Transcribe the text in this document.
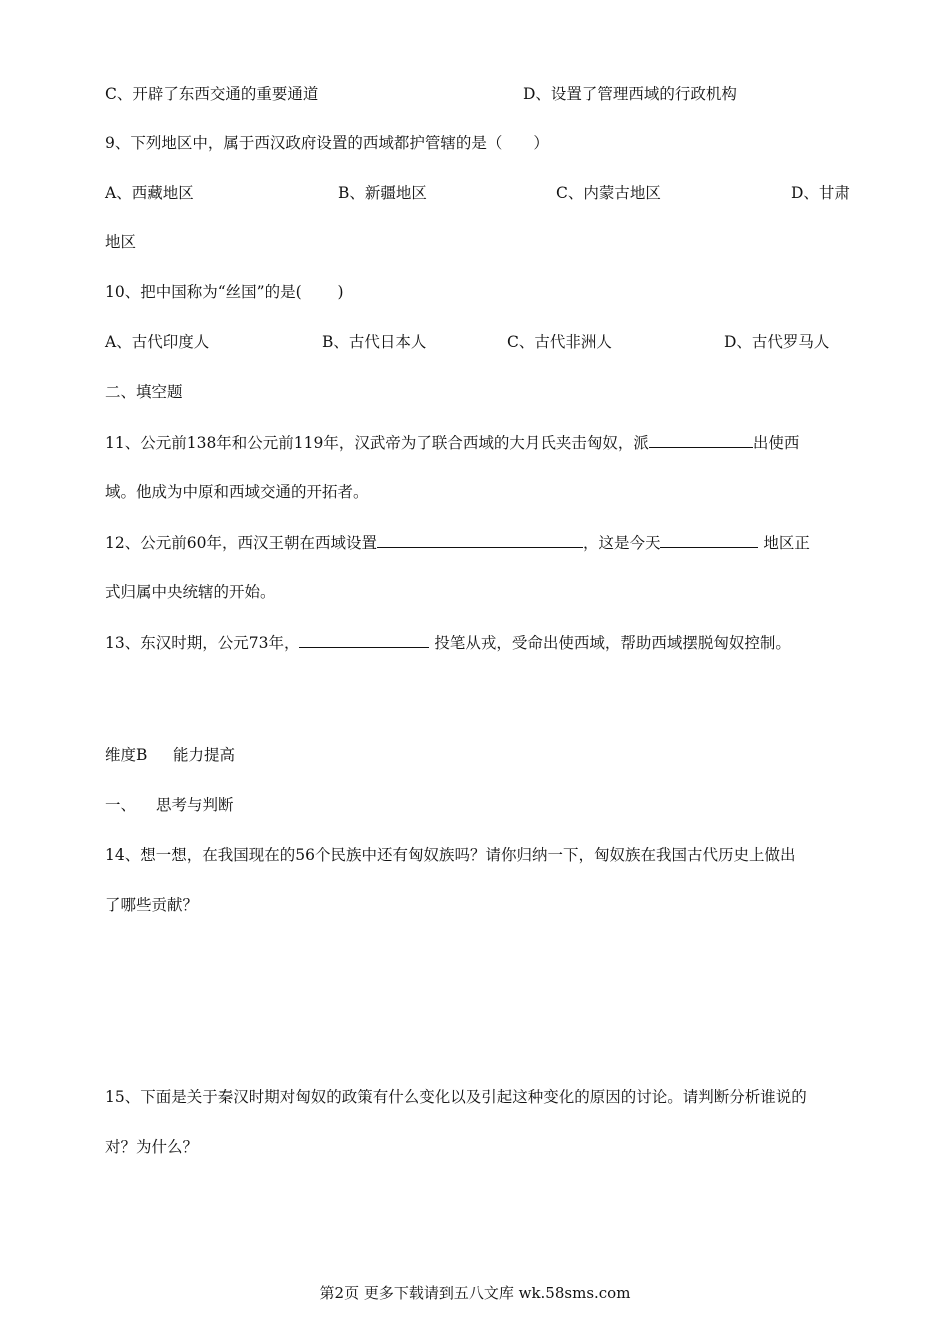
C、开辟了东西交通的重要通道	D、设置了管理西域的行政机构
9、下列地区中，属于西汉政府设置的西域都护管辖的是（　　）
A、西藏地区	B、新疆地区	C、内蒙古地区	D、甘肃
地区
10、把中国称为“丝国”的是(　　 )
A、古代印度人	B、古代日本人	C、古代非洲人	D、古代罗马人
二、填空题
11、公元前138年和公元前119年，汉武帝为了联合西域的大月氏夹击匈奴，派	出使西
域。他成为中原和西域交通的开拓者。
12、公元前60年，西汉王朝在西域设置	，这是今天	地区正
式归属中央统辖的开始。
13、东汉时期，公元73年，	投笔从戎，受命出使西域，帮助西域摆脱匈奴控制。
维度B 能力提高
一、 思考与判断
14、想一想，在我国现在的56个民族中还有匈奴族吗？请你归纳一下，匈奴族在我国古代历史上做出
了哪些贡献？
15、下面是关于秦汉时期对匈奴的政策有什么变化以及引起这种变化的原因的讨论。请判断分析谁说的
对？为什么？
第2页 更多下载请到五八文库 wk.58sms.com
